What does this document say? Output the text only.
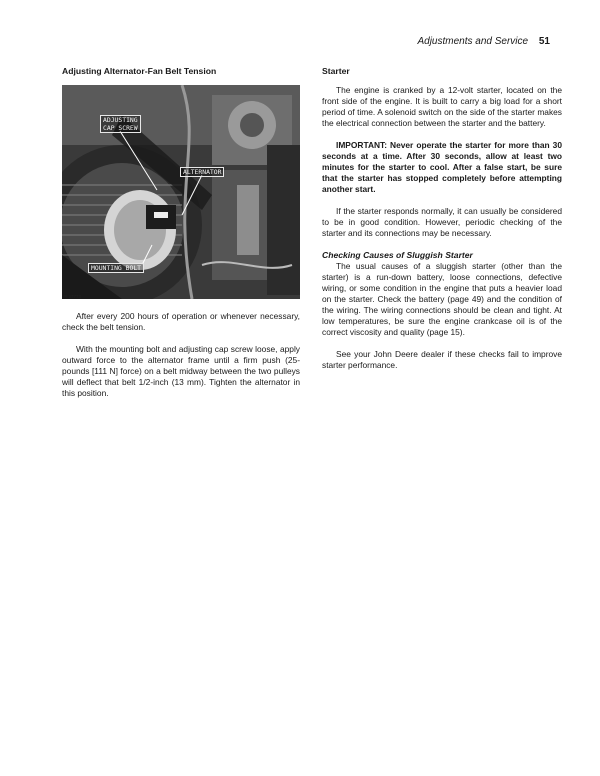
Adjustments and Service 51
Adjusting Alternator-Fan Belt Tension
ADJUSTING
CAP SCREW
ALTERNATOR
MOUNTING BOLT
R 27773

After every 200 hours of operation or whenever necessary, check the belt tension.

With the mounting bolt and adjusting cap screw loose, apply outward force to the alternator frame until a firm push (25-pounds [111 N] force) on a belt midway between the two pulleys will deflect that belt 1/2-inch (13 mm). Tighten the alternator in this position.

Starter

The engine is cranked by a 12-volt starter, located on the front side of the engine. It is built to carry a big load for a short period of time. A solenoid switch on the side of the starter makes the electrical connection between the starter and the battery.

IMPORTANT: Never operate the starter for more than 30 seconds at a time. After 30 seconds, allow at least two minutes for the starter to cool. After a false start, be sure that the starter has stopped completely before attempting another start.

If the starter responds normally, it can usually be considered to be in good condition. However, periodic checking of the starter and its connections may be necessary.

Checking Causes of Sluggish Starter

The usual causes of a sluggish starter (other than the starter) is a run-down battery, loose connections, defective wiring, or some condition in the engine that puts a heavier load on the starter. Check the battery (page 49) and the condition of the wiring. The wiring connections should be clean and tight. At low temperatures, be sure the engine crankcase oil is of the correct viscosity and quality (page 15).

See your John Deere dealer if these checks fail to improve starter performance.
